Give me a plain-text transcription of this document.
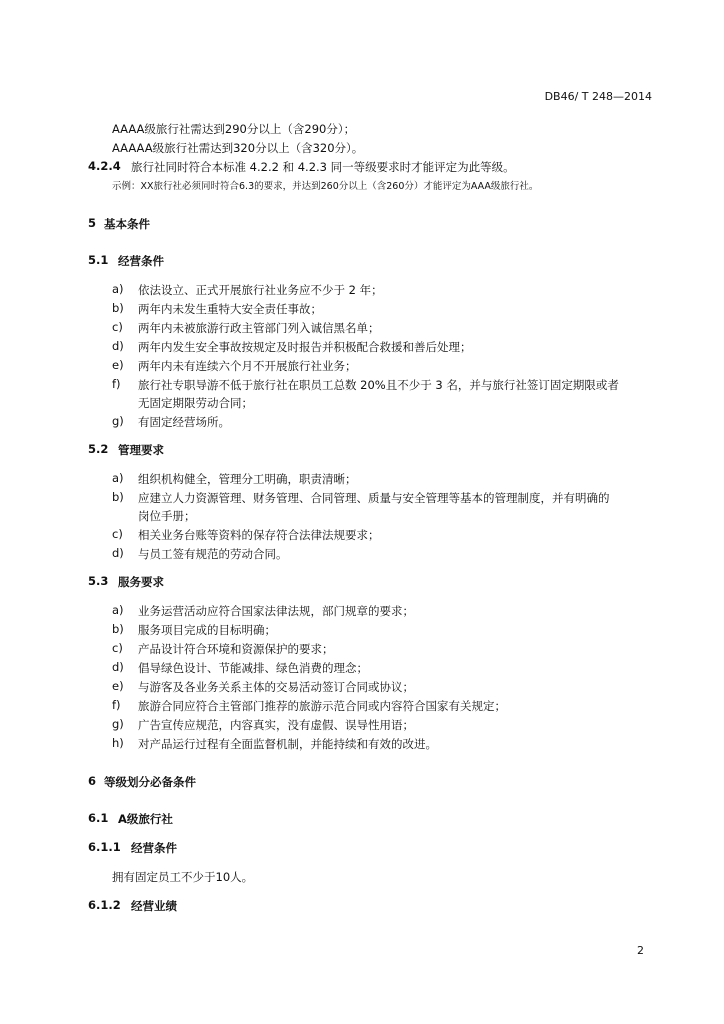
DB46/ T 248—2014
AAAA级旅行社需达到290分以上（含290分）；
AAAAA级旅行社需达到320分以上（含320分）。
4.2.4 旅行社同时符合本标准 4.2.2 和 4.2.3 同一等级要求时才能评定为此等级。
示例：XX旅行社必须同时符合6.3的要求，并达到260分以上（含260分）才能评定为AAA级旅行社。
5 基本条件
5.1 经营条件
a) 依法设立、正式开展旅行社业务应不少于 2 年；
b) 两年内未发生重特大安全责任事故；
c) 两年内未被旅游行政主管部门列入诚信黑名单；
d) 两年内发生安全事故按规定及时报告并积极配合救援和善后处理；
e) 两年内未有连续六个月不开展旅行社业务；
f) 旅行社专职导游不低于旅行社在职员工总数 20%且不少于 3 名，并与旅行社签订固定期限或者
无固定期限劳动合同；
g) 有固定经营场所。
5.2 管理要求
a) 组织机构健全，管理分工明确，职责清晰；
b) 应建立人力资源管理、财务管理、合同管理、质量与安全管理等基本的管理制度，并有明确的
岗位手册；
c) 相关业务台账等资料的保存符合法律法规要求；
d) 与员工签有规范的劳动合同。
5.3 服务要求
a) 业务运营活动应符合国家法律法规，部门规章的要求；
b) 服务项目完成的目标明确；
c) 产品设计符合环境和资源保护的要求；
d) 倡导绿色设计、节能减排、绿色消费的理念；
e) 与游客及各业务关系主体的交易活动签订合同或协议；
f) 旅游合同应符合主管部门推荐的旅游示范合同或内容符合国家有关规定；
g) 广告宣传应规范，内容真实，没有虚假、误导性用语；
h) 对产品运行过程有全面监督机制，并能持续和有效的改进。
6 等级划分必备条件
6.1 A级旅行社
6.1.1 经营条件
拥有固定员工不少于10人。
6.1.2 经营业绩
2
